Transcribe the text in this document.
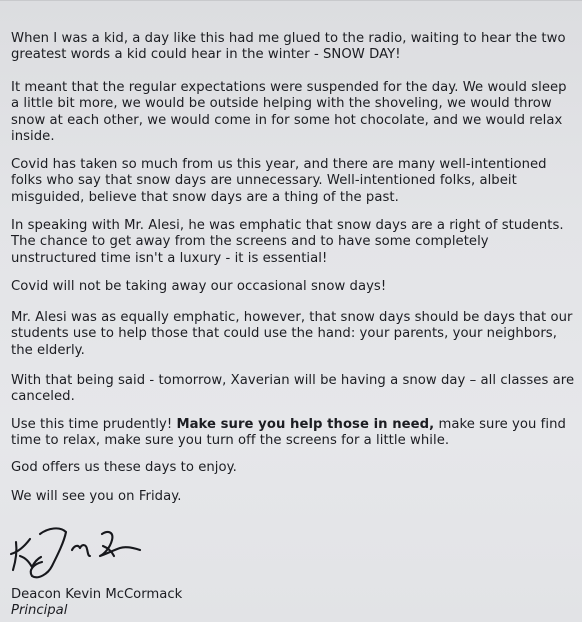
When I was a kid, a day like this had me glued to the radio, waiting to hear the two greatest words a kid could hear in the winter - SNOW DAY!

It meant that the regular expectations were suspended for the day. We would sleep a little bit more, we would be outside helping with the shoveling, we would throw snow at each other, we would come in for some hot chocolate, and we would relax inside.

Covid has taken so much from us this year, and there are many well-intentioned folks who say that snow days are unnecessary. Well-intentioned folks, albeit misguided, believe that snow days are a thing of the past.

In speaking with Mr. Alesi, he was emphatic that snow days are a right of students. The chance to get away from the screens and to have some completely unstructured time isn't a luxury - it is essential!

Covid will not be taking away our occasional snow days!

Mr. Alesi was as equally emphatic, however, that snow days should be days that our students use to help those that could use the hand: your parents, your neighbors, the elderly.

With that being said - tomorrow, Xaverian will be having a snow day – all classes are canceled.

Use this time prudently! Make sure you help those in need, make sure you find time to relax, make sure you turn off the screens for a little while.

God offers us these days to enjoy.

We will see you on Friday.

Deacon Kevin McCormack

Principal
